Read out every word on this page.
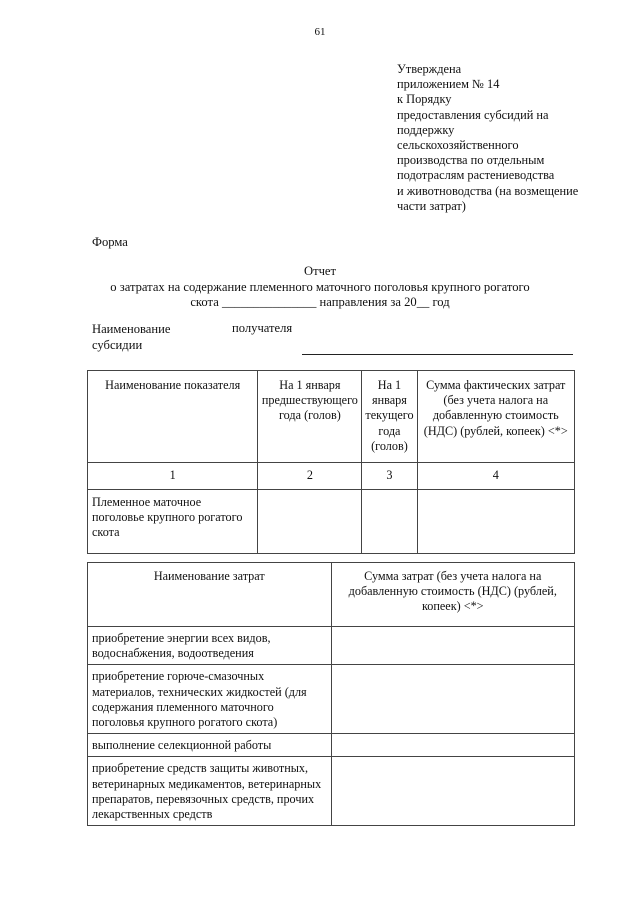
61
Утверждена
приложением № 14
к Порядку
предоставления субсидий на
поддержку
сельскохозяйственного
производства по отдельным
подотраслям растениеводства
и животноводства (на возмещение
части затрат)
Форма
Отчет
о затратах на содержание племенного маточного поголовья крупного рогатого
скота _______________ направления за 20__ год
Наименование
субсидии
получателя
Наименование показателя	На 1 января предшествующего года (голов)	На 1 января текущего года (голов)	Сумма фактических затрат (без учета налога на добавленную стоимость (НДС) (рублей, копеек) <*>
1	2	3	4
Племенное маточное поголовье крупного рогатого скота			
Наименование затрат	Сумма затрат (без учета налога на добавленную стоимость (НДС) (рублей, копеек) <*>
приобретение энергии всех видов, водоснабжения, водоотведения	
приобретение горюче-смазочных материалов, технических жидкостей (для содержания племенного маточного поголовья крупного рогатого скота)	
выполнение селекционной работы	
приобретение средств защиты животных, ветеринарных медикаментов, ветеринарных препаратов, перевязочных средств, прочих лекарственных средств	
